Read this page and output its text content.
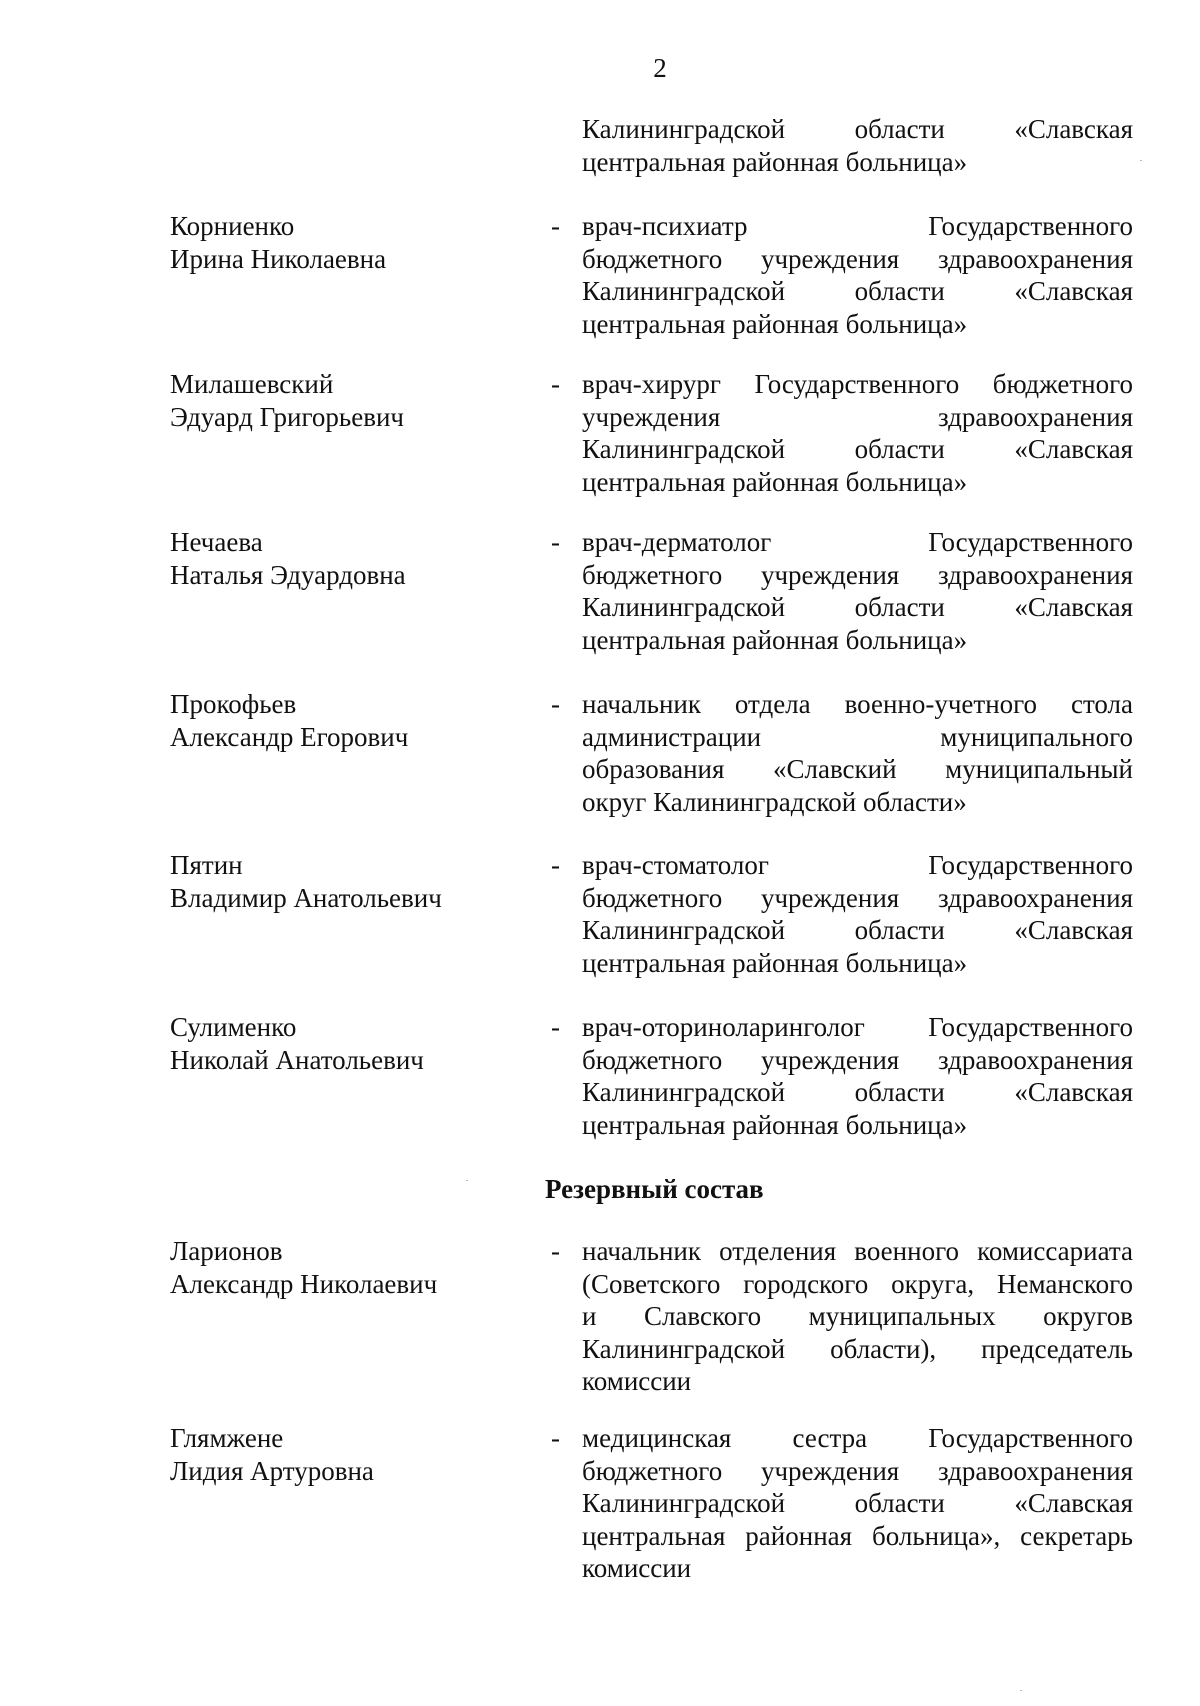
2
Калининградской области «Славская
центральная районная больница»
Корниенко
Ирина Николаевна
- врач-психиатр Государственного
бюджетного учреждения здравоохранения
Калининградской области «Славская
центральная районная больница»
Милашевский
Эдуард Григорьевич
- врач-хирург Государственного бюджетного
учреждения здравоохранения
Калининградской области «Славская
центральная районная больница»
Нечаева
Наталья Эдуардовна
- врач-дерматолог Государственного
бюджетного учреждения здравоохранения
Калининградской области «Славская
центральная районная больница»
Прокофьев
Александр Егорович
- начальник отдела военно-учетного стола
администрации муниципального
образования «Славский муниципальный
округ Калининградской области»
Пятин
Владимир Анатольевич
- врач-стоматолог Государственного
бюджетного учреждения здравоохранения
Калининградской области «Славская
центральная районная больница»
Сулименко
Николай Анатольевич
- врач-оториноларинголог Государственного
бюджетного учреждения здравоохранения
Калининградской области «Славская
центральная районная больница»
Резервный состав
Ларионов
Александр Николаевич
- начальник отделения военного комиссариата
(Советского городского округа, Неманского
и Славского муниципальных округов
Калининградской области), председатель
комиссии
Глямжене
Лидия Артуровна
- медицинская сестра Государственного
бюджетного учреждения здравоохранения
Калининградской области «Славская
центральная районная больница», секретарь
комиссии
